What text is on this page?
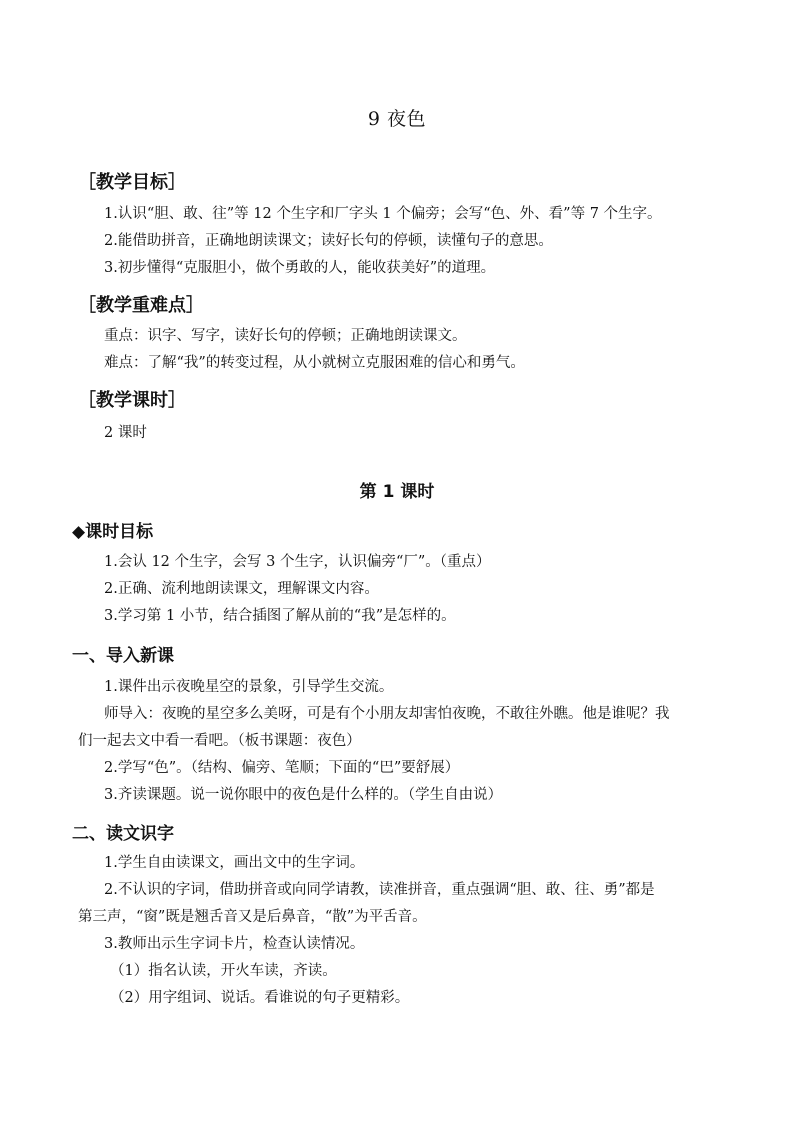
9 夜色
［教学目标］
1.认识“胆、敢、往”等 12 个生字和厂字头 1 个偏旁；会写“色、外、看”等 7 个生字。
2.能借助拼音，正确地朗读课文；读好长句的停顿，读懂句子的意思。
3.初步懂得“克服胆小，做个勇敢的人，能收获美好”的道理。
［教学重难点］
重点：识字、写字，读好长句的停顿；正确地朗读课文。
难点：了解“我”的转变过程，从小就树立克服困难的信心和勇气。
［教学课时］
2 课时
第 1 课时
◆课时目标
1.会认 12 个生字，会写 3 个生字，认识偏旁“厂”。（重点）
2.正确、流利地朗读课文，理解课文内容。
3.学习第 1 小节，结合插图了解从前的“我”是怎样的。
一、导入新课
1.课件出示夜晚星空的景象，引导学生交流。
师导入：夜晚的星空多么美呀，可是有个小朋友却害怕夜晚，不敢往外瞧。他是谁呢？我
们一起去文中看一看吧。（板书课题：夜色）
2.学写“色”。（结构、偏旁、笔顺；下面的“巴”要舒展）
3.齐读课题。说一说你眼中的夜色是什么样的。（学生自由说）
二、读文识字
1.学生自由读课文，画出文中的生字词。
2.不认识的字词，借助拼音或向同学请教，读准拼音，重点强调“胆、敢、往、勇”都是
第三声，“窗”既是翘舌音又是后鼻音，“散”为平舌音。
3.教师出示生字词卡片，检查认读情况。
（1）指名认读，开火车读，齐读。
（2）用字组词、说话。看谁说的句子更精彩。
